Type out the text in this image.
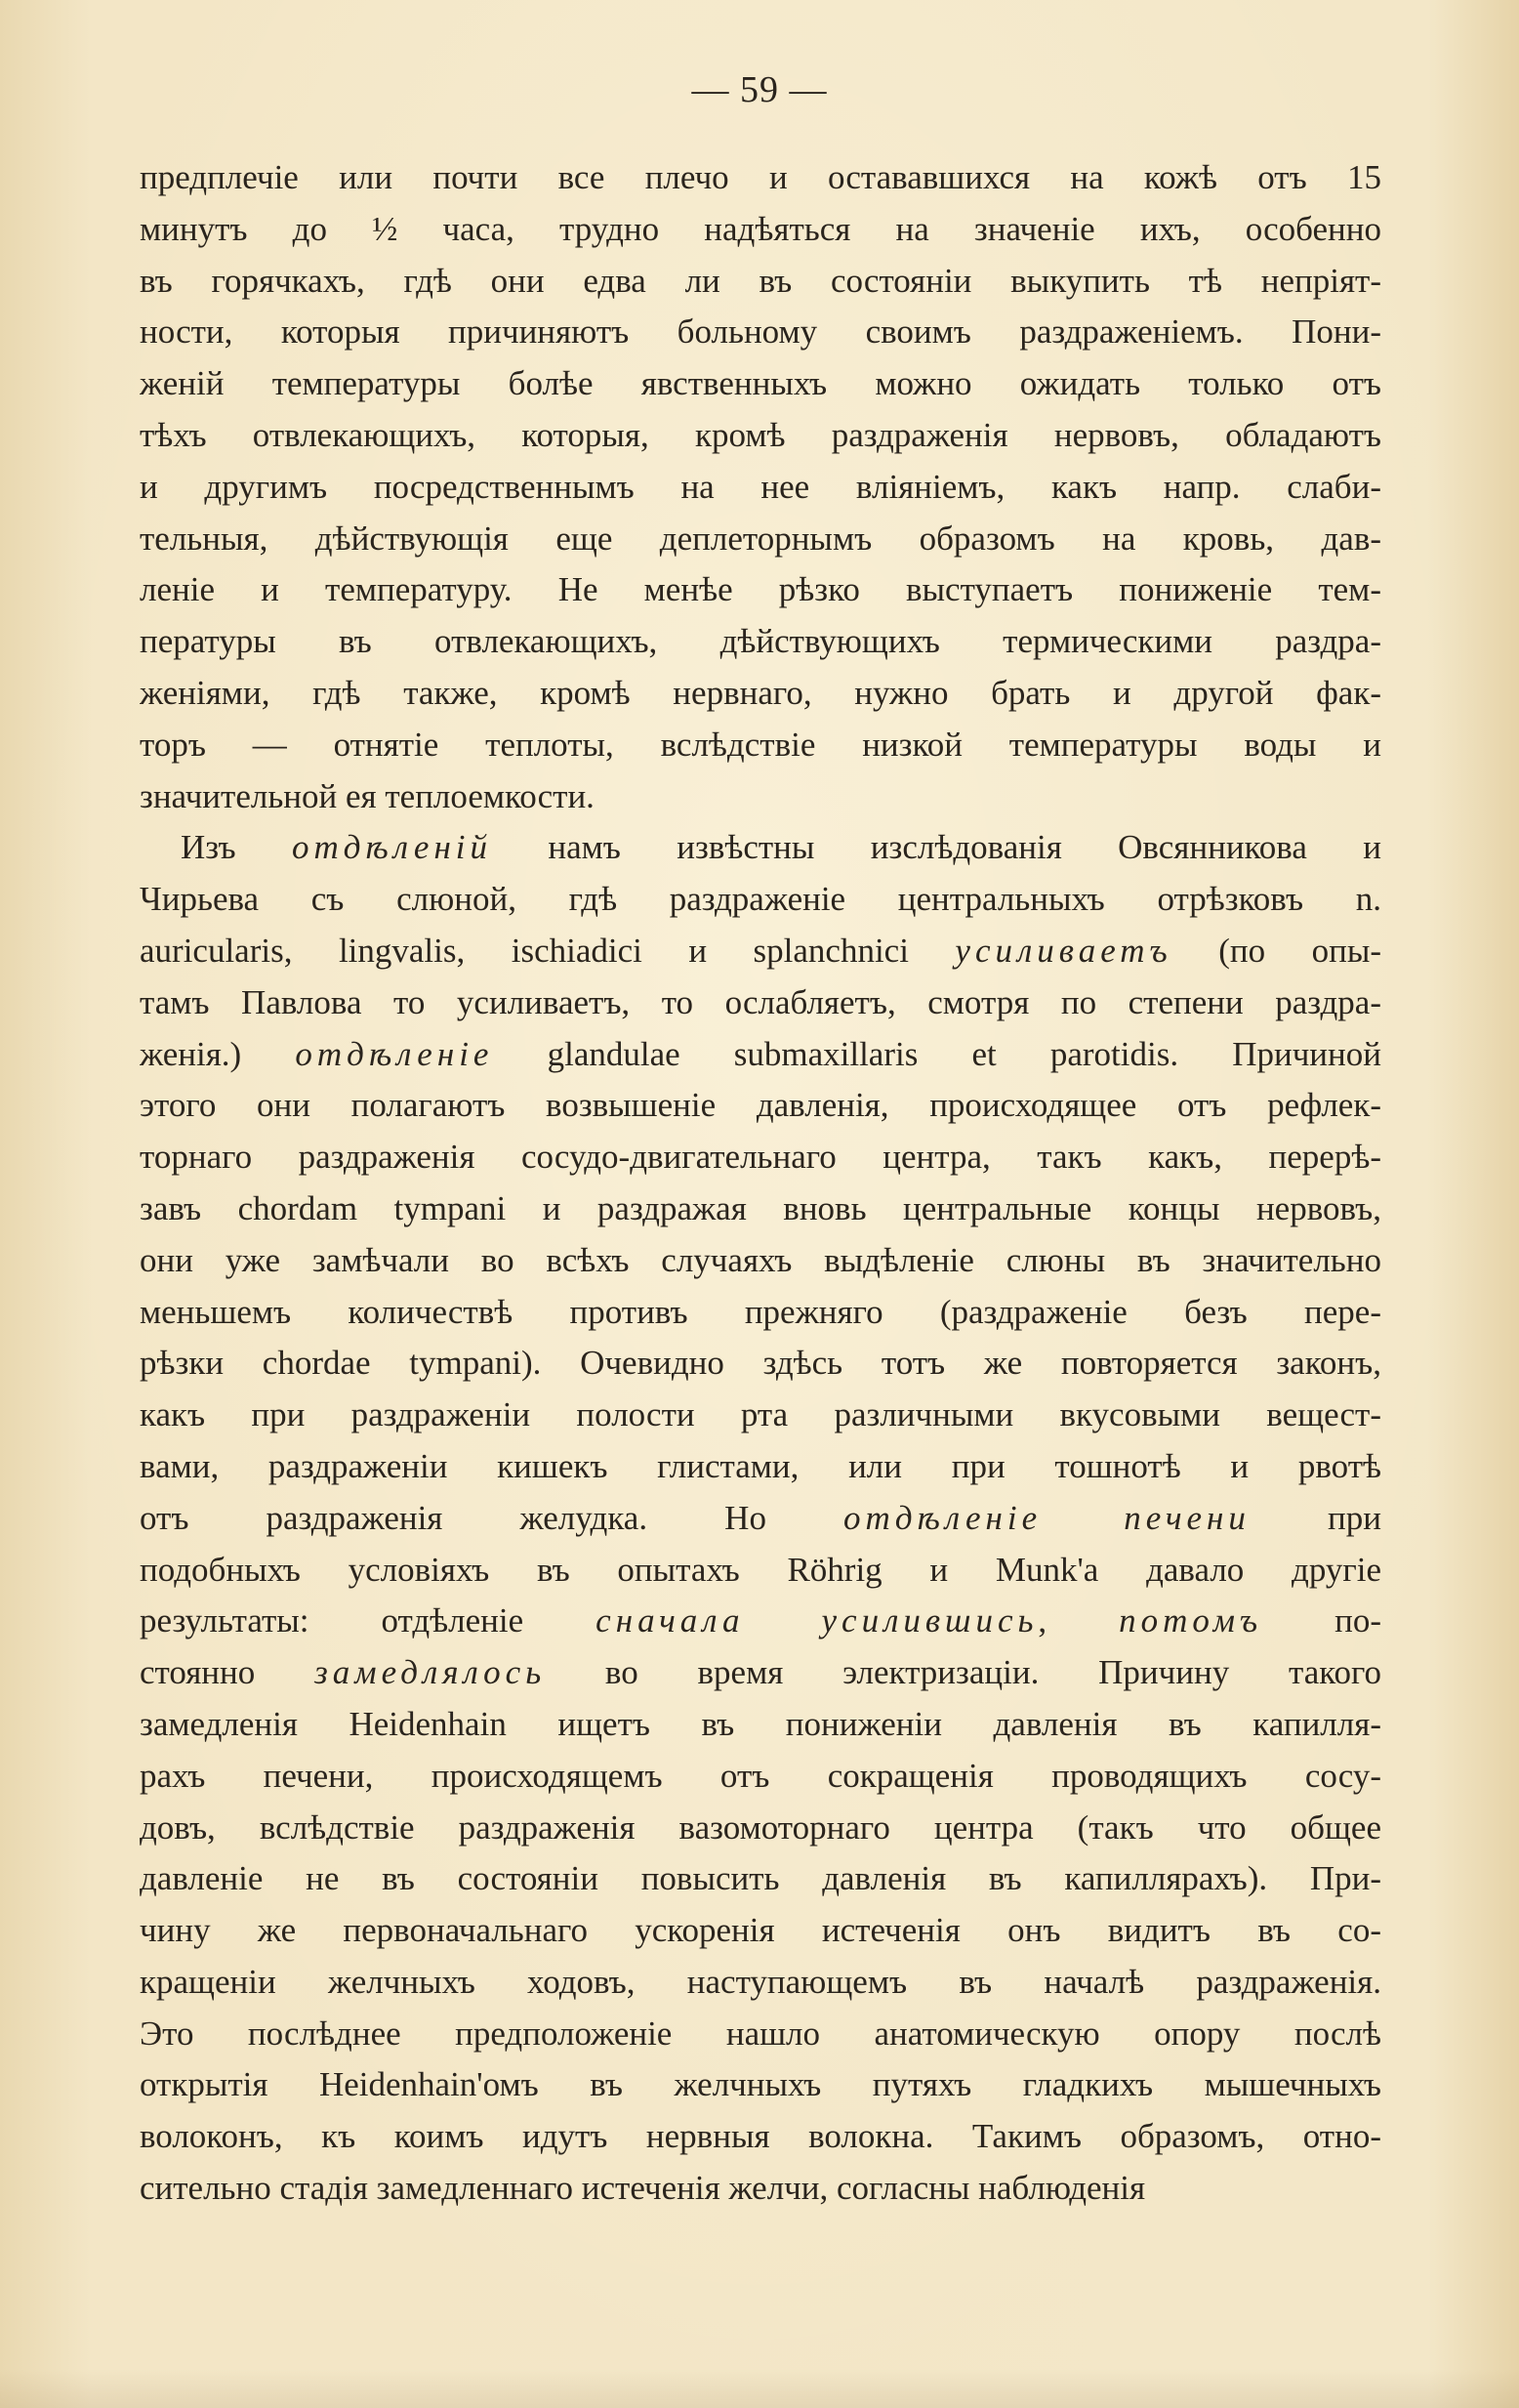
— 59 —
предплечіе или почти все плечо и остававшихся на кожѣ отъ 15
минутъ до ½ часа, трудно надѣяться на значеніе ихъ, особенно
въ горячкахъ, гдѣ они едва ли въ состояніи выкупить тѣ непріят-
ности, которыя причиняютъ больному своимъ раздраженіемъ. Пони-
женій температуры болѣе явственныхъ можно ожидать только отъ
тѣхъ отвлекающихъ, которыя, кромѣ раздраженія нервовъ, обладаютъ
и другимъ посредственнымъ на нее вліяніемъ, какъ напр. слаби-
тельныя, дѣйствующія еще деплеторнымъ образомъ на кровь, дав-
леніе и температуру. Не менѣе рѣзко выступаетъ пониженіе тем-
пературы въ отвлекающихъ, дѣйствующихъ термическими раздра-
женіями, гдѣ также, кромѣ нервнаго, нужно брать и другой фак-
торъ — отнятіе теплоты, вслѣдствіе низкой температуры воды и
значительной ея теплоемкости.
Изъ отдѣленій намъ извѣстны изслѣдованія Овсянникова и
Чирьева съ слюной, гдѣ раздраженіе центральныхъ отрѣзковъ n.
auricularis, lingvalis, ischiadici и splanchnici усиливаетъ (по опы-
тамъ Павлова то усиливаетъ, то ослабляетъ, смотря по степени раздра-
женія.) отдѣленіе glandulae submaxillaris et parotidis. Причиной
этого они полагаютъ возвышеніе давленія, происходящее отъ рефлек-
торнаго раздраженія сосудо-двигательнаго центра, такъ какъ, перерѣ-
завъ chordam tympani и раздражая вновь центральные концы нервовъ,
они уже замѣчали во всѣхъ случаяхъ выдѣленіе слюны въ значительно
меньшемъ количествѣ противъ прежняго (раздраженіе безъ пере-
рѣзки chordae tympani). Очевидно здѣсь тотъ же повторяется законъ,
какъ при раздраженіи полости рта различными вкусовыми вещест-
вами, раздраженіи кишекъ глистами, или при тошнотѣ и рвотѣ
отъ раздраженія желудка. Но отдѣленіе печени при
подобныхъ условіяхъ въ опытахъ Röhrig и Munk'а давало другіе
результаты: отдѣленіе сначала усилившись, потомъ по-
стоянно замедлялось во время электризаціи. Причину такого
замедленія Heidenhain ищетъ въ пониженіи давленія въ капилля-
рахъ печени, происходящемъ отъ сокращенія проводящихъ сосу-
довъ, вслѣдствіе раздраженія вазомоторнаго центра (такъ что общее
давленіе не въ состояніи повысить давленія въ капиллярахъ). При-
чину же первоначальнаго ускоренія истеченія онъ видитъ въ со-
кращеніи желчныхъ ходовъ, наступающемъ въ началѣ раздраженія.
Это послѣднее предположеніе нашло анатомическую опору послѣ
открытія Heidenhain'омъ въ желчныхъ путяхъ гладкихъ мышечныхъ
волоконъ, къ коимъ идутъ нервныя волокна. Такимъ образомъ, отно-
сительно стадія замедленнаго истеченія желчи, согласны наблюденія
